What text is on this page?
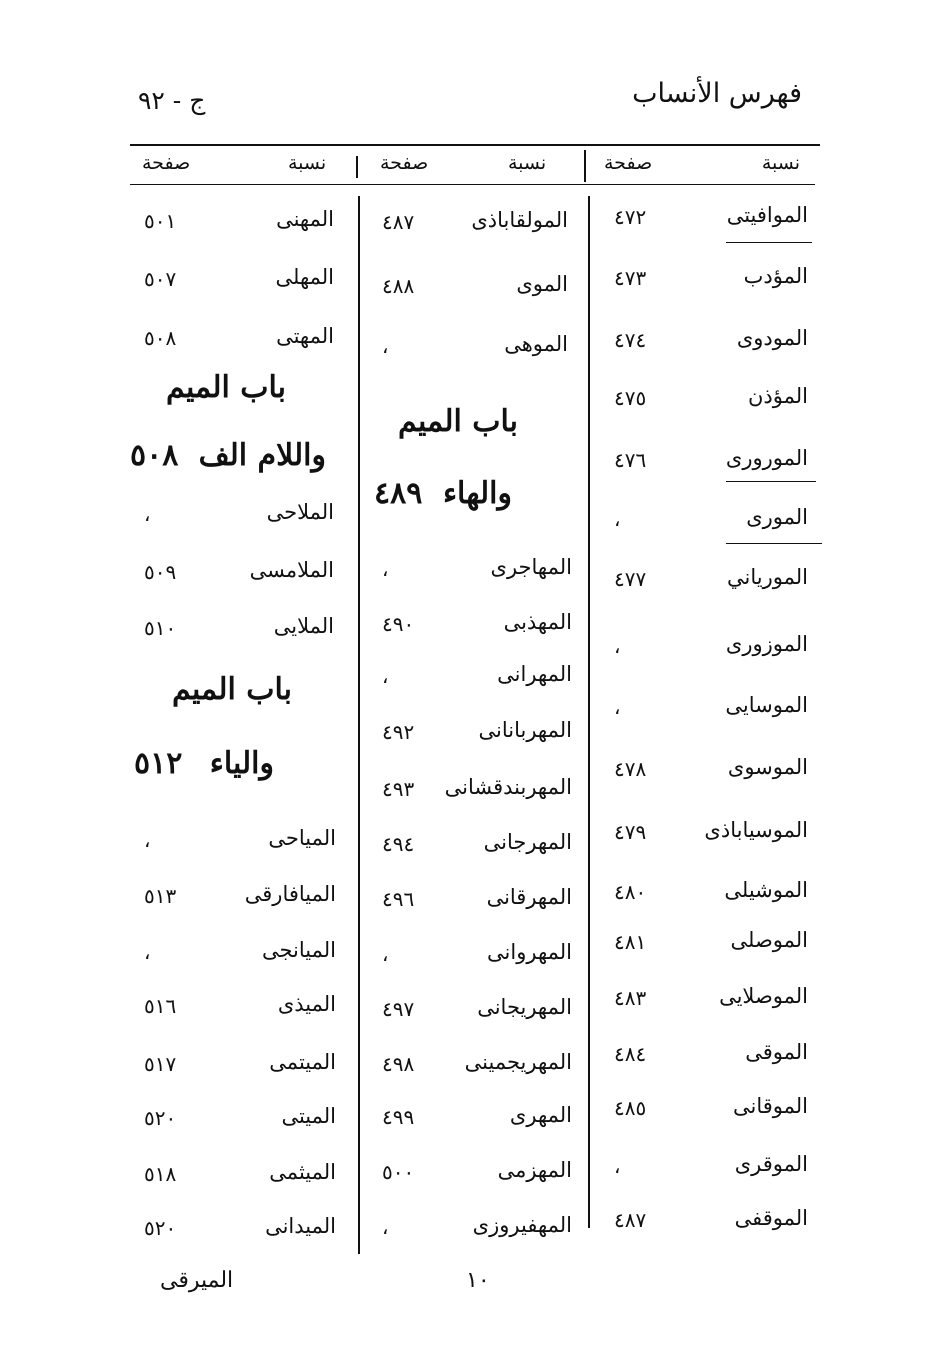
فهرس الأنساب
ج - ٩٢
نسبة
صفحة
نسبة
صفحة
نسبة
صفحة
الموافيتى
٤٧٢
المؤدب
٤٧٣
المودوى
٤٧٤
المؤذن
٤٧٥
المورورى
٤٧٦
المورى
،
المورياني
٤٧٧
الموزورى
،
الموسايى
،
الموسوى
٤٧٨
الموسياباذى
٤٧٩
الموشيلى
٤٨٠
الموصلى
٤٨١
الموصلايى
٤٨٣
الموقى
٤٨٤
الموقانى
٤٨٥
الموقرى
،
الموقفى
٤٨٧
المولقاباذى
٤٨٧
الموى
٤٨٨
الموهى
،
باب الميم
والهاء
٤٨٩
المهاجرى
،
المهذبى
٤٩٠
المهرانى
،
المهربانانى
٤٩٢
المهربندقشانى
٤٩٣
المهرجانى
٤٩٤
المهرقانى
٤٩٦
المهروانى
،
المهريجانى
٤٩٧
المهريجمينى
٤٩٨
المهرى
٤٩٩
المهزمى
٥٠٠
المهفيروزى
،
المهنى
٥٠١
المهلى
٥٠٧
المهتى
٥٠٨
باب الميم
واللام الف
٥٠٨
الملاحى
،
الملامسى
٥٠٩
الملايى
٥١٠
باب الميم
والياء
٥١٢
المياحى
،
الميافارقى
٥١٣
الميانجى
،
الميذى
٥١٦
الميتمى
٥١٧
الميتى
٥٢٠
الميثمى
٥١٨
الميدانى
٥٢٠
١٠
الميرقى
